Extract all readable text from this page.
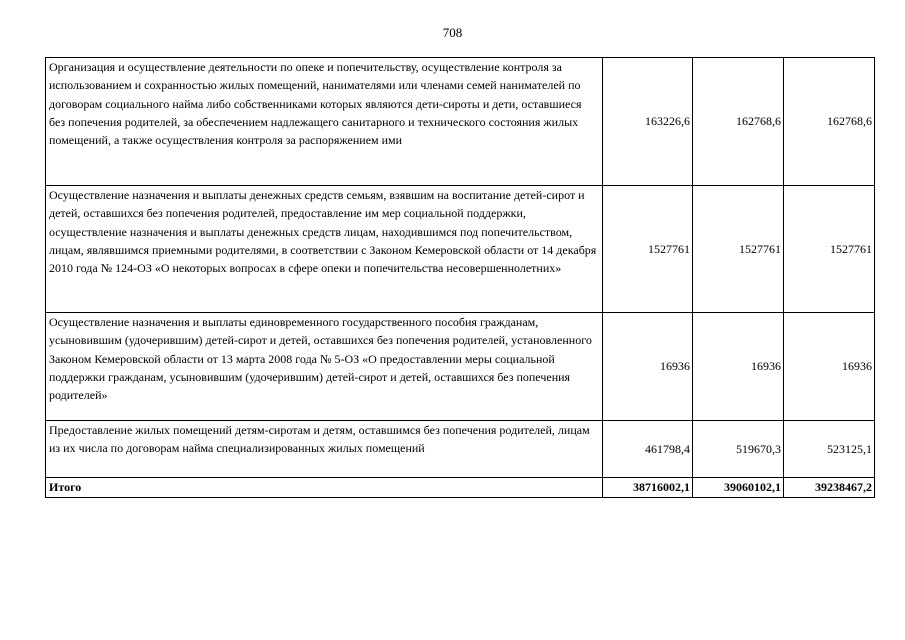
708
Организация и осуществление деятельности по опеке и попечительству, осуществление контроля за использованием и сохранностью жилых помещений, нанимателями или членами семей нанимателей по договорам социального найма либо собственниками которых являются дети-сироты и дети, оставшиеся без попечения родителей, за обеспечением надлежащего санитарного и технического состояния жилых помещений, а также осуществления контроля за распоряжением ими	163226,6	162768,6	162768,6

Осуществление назначения и выплаты денежных средств семьям, взявшим на воспитание детей-сирот и детей, оставшихся без попечения родителей, предоставление им мер социальной поддержки, осуществление назначения и выплаты денежных средств лицам, находившимся под попечительством, лицам, являвшимся приемными родителями, в соответствии с Законом Кемеровской области от 14 декабря 2010 года № 124-ОЗ «О некоторых вопросах в сфере опеки и попечительства несовершеннолетних»	1527761	1527761	1527761

Осуществление назначения и выплаты единовременного государственного пособия гражданам, усыновившим (удочерившим) детей-сирот и детей, оставшихся без попечения родителей, установленного Законом Кемеровской области от 13 марта 2008 года № 5-ОЗ «О предоставлении меры социальной поддержки гражданам, усыновившим (удочерившим) детей-сирот и детей, оставшихся без попечения родителей»	16936	16936	16936

Предоставление жилых помещений детям-сиротам и детям, оставшимся без попечения родителей, лицам из их числа по договорам найма специализированных жилых помещений	461798,4	519670,3	523125,1
Итого	38716002,1	39060102,1	39238467,2
